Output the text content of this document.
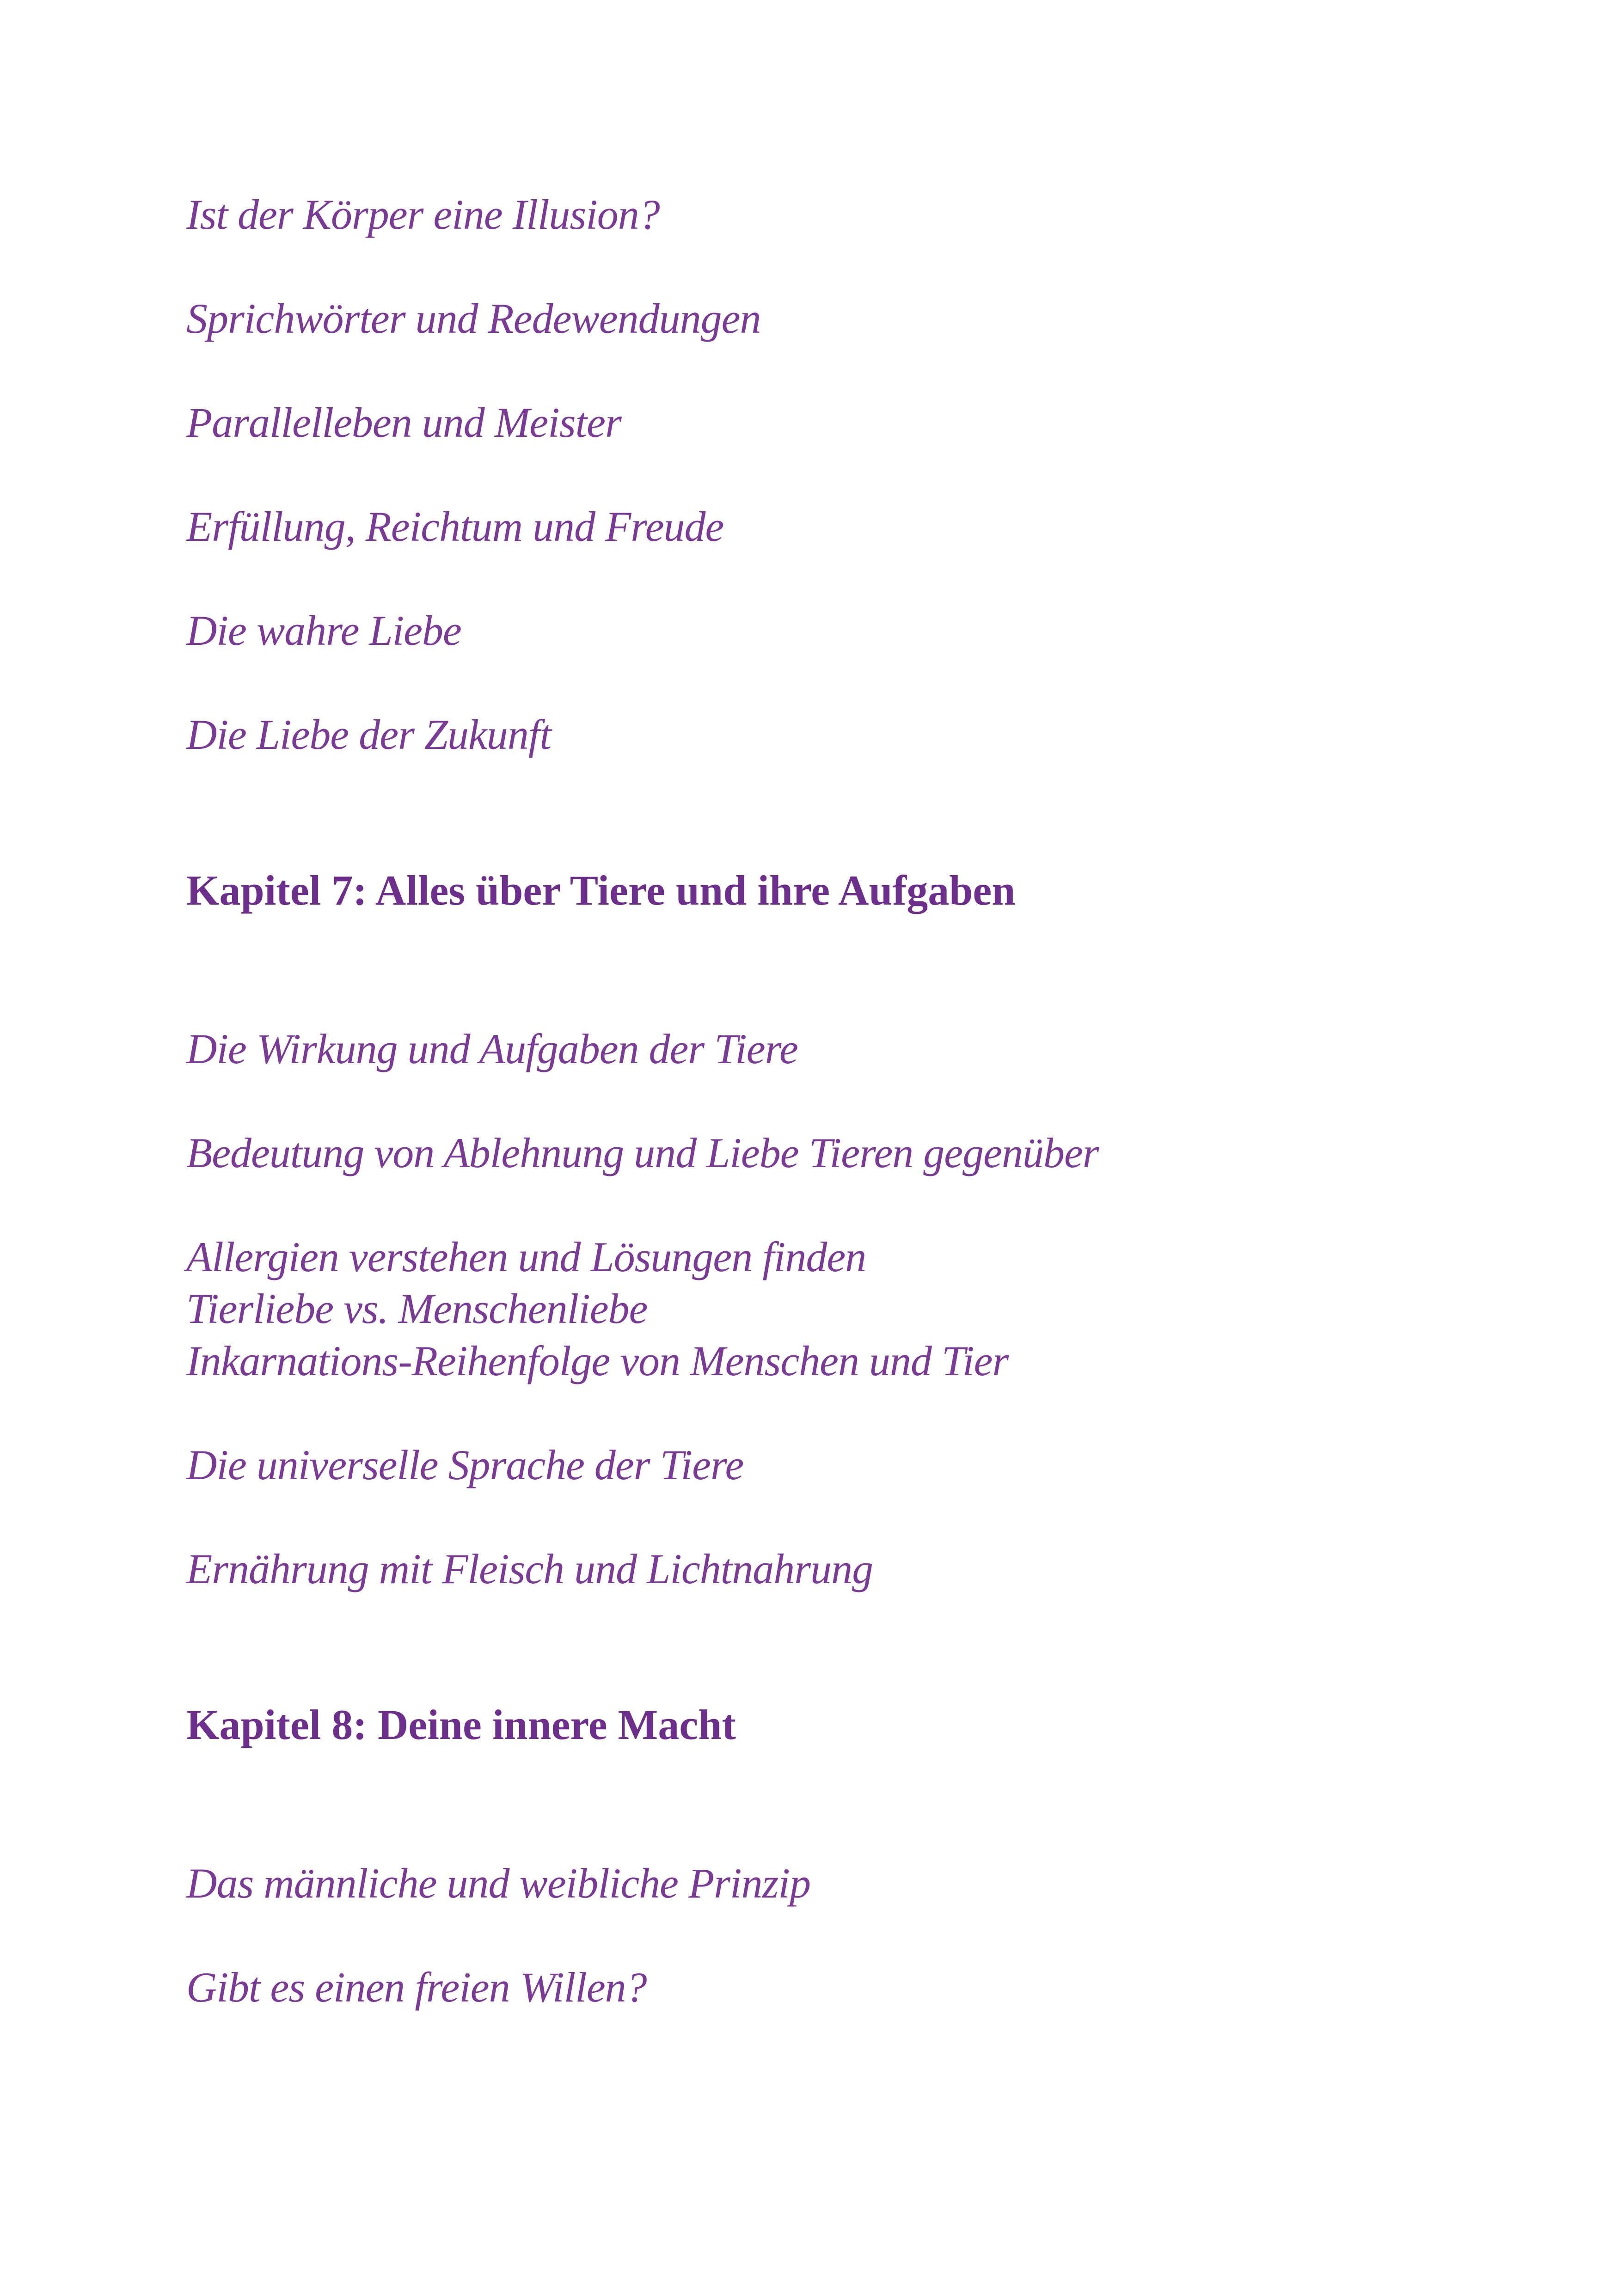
Ist der Körper eine Illusion?

Sprichwörter und Redewendungen

Parallelleben und Meister

Erfüllung, Reichtum und Freude

Die wahre Liebe

Die Liebe der Zukunft

Kapitel 7: Alles über Tiere und ihre Aufgaben

Die Wirkung und Aufgaben der Tiere

Bedeutung von Ablehnung und Liebe Tieren gegenüber

Allergien verstehen und Lösungen finden

Tierliebe vs. Menschenliebe

Inkarnations-Reihenfolge von Menschen und Tier

Die universelle Sprache der Tiere

Ernährung mit Fleisch und Lichtnahrung

Kapitel 8: Deine innere Macht

Das männliche und weibliche Prinzip

Gibt es einen freien Willen?
